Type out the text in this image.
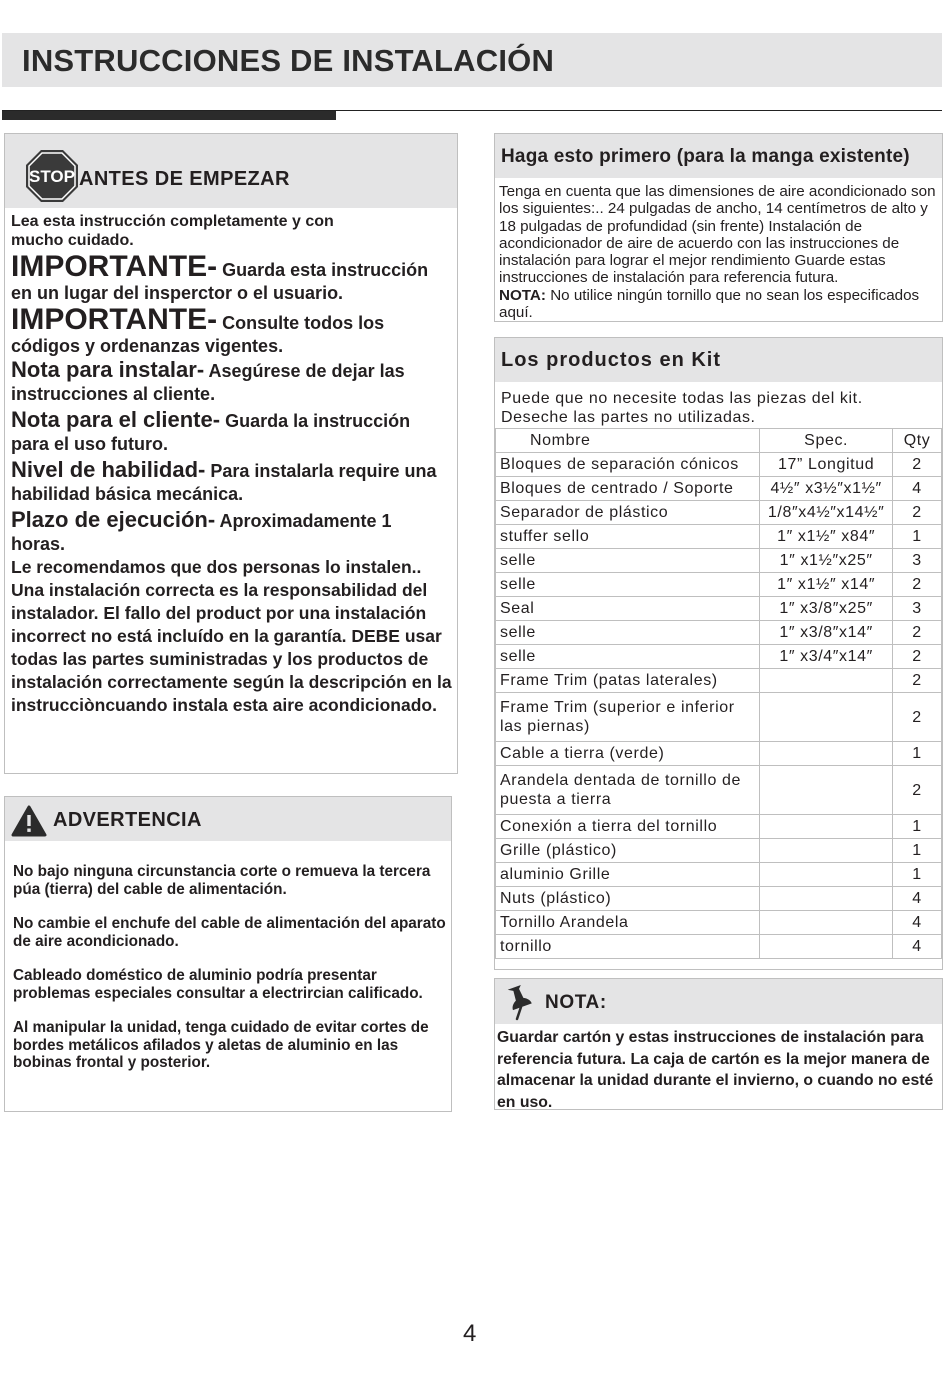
INSTRUCCIONES DE INSTALACIÓN
STOP ANTES DE EMPEZAR
Lea esta instrucción completamente y con mucho cuidado.
IMPORTANTE- Guarda esta instrucción en un lugar del insperctor o el usuario.
IMPORTANTE- Consulte todos los códigos y ordenanzas vigentes.
Nota para instalar- Asegúrese de dejar las instrucciones al cliente.
Nota para el cliente- Guarda la instrucción para el uso futuro.
Nivel de habilidad- Para instalarla require una habilidad básica mecánica.
Plazo de ejecución- Aproximadamente 1 horas.
Le recomendamos que dos personas lo instalen.. Una instalación correcta es la responsabilidad del instalador. El fallo del product por una instalación incorrect no está incluído en la garantía. DEBE usar todas las partes suministradas y los productos de instalación correctamente según la descripción en la instrucciòncuando instala esta aire acondicionado.
ADVERTENCIA

No bajo ninguna circunstancia corte o remueva la tercera púa (tierra) del cable de alimentación.

No cambie el enchufe del cable de alimentación del aparato de aire acondicionado.

Cableado doméstico de aluminio podría presentar problemas especiales consultar a electrircian calificado.

Al manipular la unidad, tenga cuidado de evitar cortes de bordes metálicos afilados y aletas de aluminio en las bobinas frontal y posterior.

Haga esto primero (para la manga existente)
Tenga en cuenta que las dimensiones de aire acondicionado son los siguientes:.. 24 pulgadas de ancho, 14 centímetros de alto y 18 pulgadas de profundidad (sin frente) Instalación de acondicionador de aire de acuerdo con las instrucciones de instalación para lograr el mejor rendimiento Guarde estas instrucciones de instalación para referencia futura.
NOTA: No utilice ningún tornillo que no sean los especificados aquí.
Los productos en Kit
Puede que no necesite todas las piezas del kit.
Deseche las partes no utilizadas.
Nombre	Spec.	Qty
Bloques de separación cónicos	17” Longitud	2
Bloques de centrado / Soporte	4½″ x3½″x1½″	4
Separador de plástico	1/8″x4½″x14½″	2
stuffer sello	1″ x1½″ x84″	1
selle	1″ x1½″x25″	3
selle	1″ x1½″ x14″	2
Seal	1″ x3/8″x25″	3
selle	1″ x3/8″x14″	2
selle	1″ x3/4″x14″	2
Frame Trim (patas laterales)		2
Frame Trim (superior e inferior las piernas)		2
Cable a tierra (verde)		1
Arandela dentada de tornillo de puesta a tierra		2
Conexión a tierra del tornillo		1
Grille (plástico)		1
aluminio Grille		1
Nuts (plástico)		4
Tornillo Arandela		4
tornillo		4
NOTA:
Guardar cartón y estas instrucciones de instalación para referencia futura. La caja de cartón es la mejor manera de almacenar la unidad durante el invierno, o cuando no esté en uso.
4
